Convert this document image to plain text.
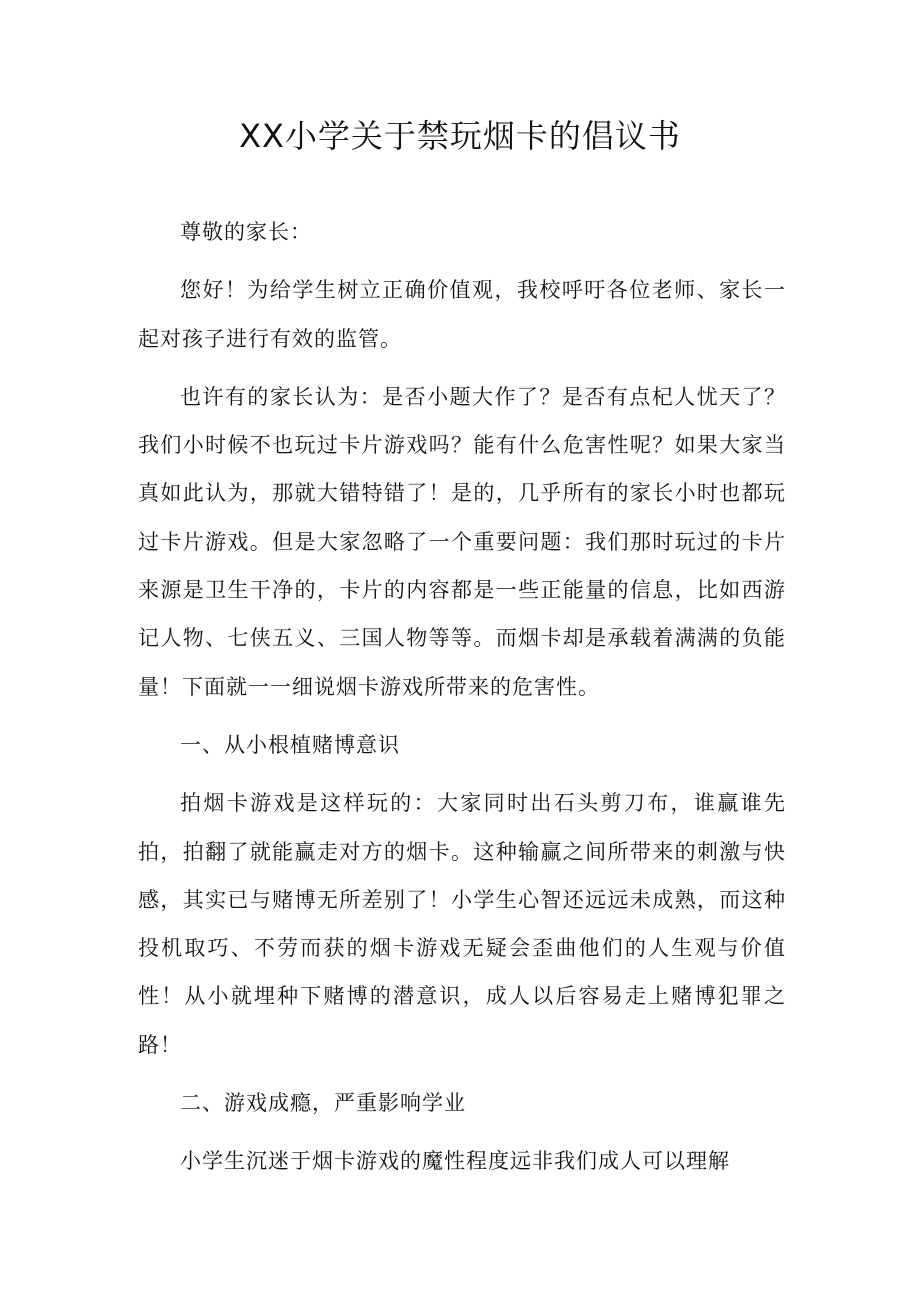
XX小学关于禁玩烟卡的倡议书

尊敬的家长：

您好！为给学生树立正确价值观，我校呼吁各位老师、家长一起对孩子进行有效的监管。

也许有的家长认为：是否小题大作了？是否有点杞人忧天了？我们小时候不也玩过卡片游戏吗？能有什么危害性呢？如果大家当真如此认为，那就大错特错了！是的，几乎所有的家长小时也都玩过卡片游戏。但是大家忽略了一个重要问题：我们那时玩过的卡片来源是卫生干净的，卡片的内容都是一些正能量的信息，比如西游记人物、七侠五义、三国人物等等。而烟卡却是承载着满满的负能量！下面就一一细说烟卡游戏所带来的危害性。

一、从小根植赌博意识

拍烟卡游戏是这样玩的：大家同时出石头剪刀布，谁赢谁先拍，拍翻了就能赢走对方的烟卡。这种输赢之间所带来的刺激与快感，其实已与赌博无所差别了！小学生心智还远远未成熟，而这种投机取巧、不劳而获的烟卡游戏无疑会歪曲他们的人生观与价值性！从小就埋种下赌博的潜意识，成人以后容易走上赌博犯罪之路！

二、游戏成瘾，严重影响学业

小学生沉迷于烟卡游戏的魔性程度远非我们成人可以理解
